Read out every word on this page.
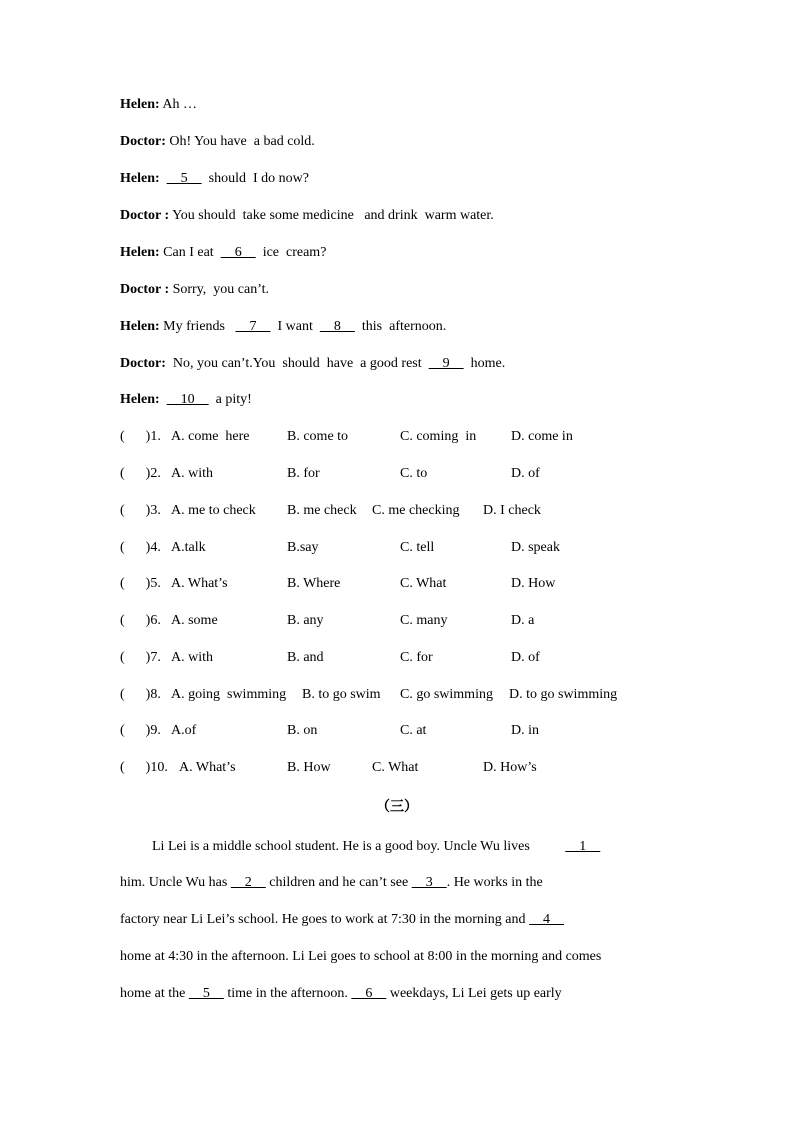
Helen: Ah …
Doctor: Oh! You have  a bad cold.
Helen:      5      should  I do now?
Doctor : You should  take some medicine   and drink  warm water.
Helen: Can I eat      6      ice  cream?
Doctor : Sorry,  you can’t.
Helen: My friends       7      I want      8      this  afternoon.
Doctor:  No, you can’t.You  should  have  a good rest      9      home.
Helen:      10      a pity!
(      )1. A. come  here	B. come to	C. coming  in D. come in
(      )2. A. with	B. for	C. to	D. of
(      )3. A. me to check B. me check C. me checking D. I check
(      )4. A.talk	B.say	C. tell	D. speak
(      )5. A. What’s	B. Where	C. What	D. How
(      )6. A. some	B. any	C. many	D. a
(      )7. A. with	B. and	C. for	D. of
(      )8. A. going  swimming B. to go swim C. go swimming D. to go swimming
(      )9. A.of	B. on	C. at	D. in
(      )10. A. What’s	B. How	C. What	D. How’s
（三）
Li Lei is a middle school student. He is a good boy. Uncle Wu lives     1
him. Uncle Wu has     2     children and he can’t see     3    . He works in the
factory near Li Lei’s school. He goes to work at 7:30 in the morning and     4
home at 4:30 in the afternoon. Li Lei goes to school at 8:00 in the morning and comes
home at the     5     time in the afternoon.     6     weekdays, Li Lei gets up early
